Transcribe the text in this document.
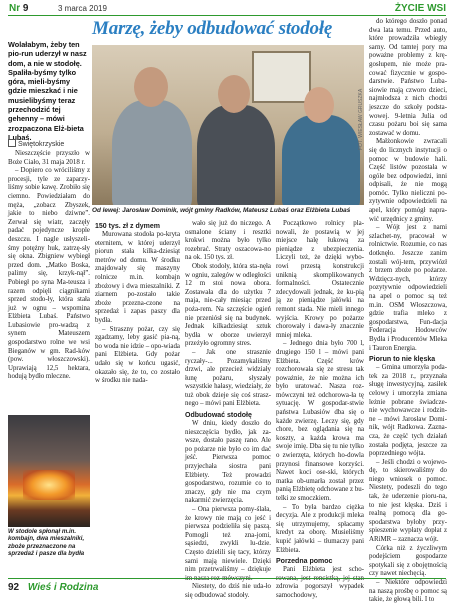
Nr 9	3 marca 2019	ŻYCIE WSI
Marzę, żeby odbudować stodołę
Wolałabym, żeby ten pio-run uderzył w nasz dom, a nie w stodołę. Spaliła-byśmy tylko góra, mieli-byśmy gdzie mieszkać i nie musielibyśmy teraz przechodzić tej gehenny – mówi zrozpaczona Elż-bieta Lubaś.
Świętokrzyskie

Nieszczęście przyszło w Boże Ciało, 31 maja 2018 r.

– Dopiero co wróciliśmy z procesji, tyle ze zaparzy-liśmy sobie kawę. Zrobiło się ciemno. Powiedziałam do męża, „zobacz Zbyszek, jakie to niebo dziwne”. Zerwał się wiatr, zaczęły padać pojedyncze krople deszczu. I nagle usłyszeli-śmy potężny huk, zatrzę-sły się okna. Zbigniew wybiegł przed dom. „Matko Boska, palimy się, krzyk-nął”. Pobiegł po syna Ma-teusza i razem odpięli ciągnikami sprzed stodo-ły, która stała już w ognu – wspomina Elżbieta Lubaś. Państwo Lubasiowie pro-wadzą z synem Mateuszem gospodarstwo rolne we wsi Bieganów w gm. Rad-ków (pow. włoszczowski). Uprawiają 12,5 hektara, hodują bydło mleczne.

FOT. WIESŁAW GRUSZKA
Od lewej: Jarosław Dominik, wójt gminy Radków, Mateusz Lubaś oraz Elżbieta Lubaś
150 tys. zł z dymem

Murowana stodoła po-kryta eternitem, w której uderzył piorun stała kilka-dziesiąt metrów od domu. W środku znajdowały się maszyny rolnicze m.in. kombajn zbożowy i dwa mieszalniki. Z ziarnem po-zostało takie zboże przezna-czone na sprzedaż i zapas paszy dla bydła.

– Straszny pożar, czy się zgadzamy, leby gasić pia-ną, bo woda nie idzie – opo-wiada pani Elżbieta. Gdy pożar udało się w końcu ugasić, okazało się, że to, co zostało w środku nie nada-

wało się już do niczego. A osmalone ściany i resztki krokwi można było tylko rozebrać. Straty oszacowa-no na ok. 150 tys. zł.

Obok stodoły, która sta-nęła w ogniu, zalegów w odległości 12 m stoi nowa obora. Zostawała dla do użytku 7 maja, nie-cały miesiąc przed poża-rem. Na szczęście ogień nie przeniósł się na budynek. Jednak kilkadziesiąt sztuk bydła w oborze uwierzył przeżyło ogromny stres.

– Jak one strasznie ryczały-... Pozamykaliśmy drzwi, ale przecież widziały łunę pożaru, słyszały wszystkie hałasy, wiedziały, że tuż obok dzieje się coś strasz-nego – mówi pani Elżbieta.

Odbudować stodołę

W dniu, kiedy doszło do nieszczęścia bydło, jak za-wsze, dostało paszę rano. Ale po pożarze nie było co im dać jeść. Pierwsza pomoc przyjechała siostra pani Elżbiety. Też prowadzi gospodarstwo, rozumie co to znaczy, gdy nie ma czym nakarmić zwierzęcia.

– Ona pierwsza pomy-ślała, że krowy nie mają co jeść i pierwsza podzieliła się paszą. Pomogli też zna-jomi, sąsiedzi, zwykli lu-dzie. Często dzielili się tacy, którzy sami mają niewiele. Dzięki nim przetrwaliśmy – dziękuje

Niestety, do dziś nie uda-ło się odbudować stodoły.

Początkowo rolnicy pla-nowali, że postawią w jej miejsce halę łukową za pieniądze z ubezpieczenia. Liczyli też, że dzięki wybo-rowi przestą konstrukcji uniknią skomplikowanych formalności. Ostatecznie zdecydowali jednak, że ku-pią ją ze pieniądze jałówki na remont stada. Nie mieli innego wyjścia. Krowy po pożarze chorowały i dawa-ły znacznie mniej mleka.

– Jednego dnia było 700 l, drugiego 150 l – mówi pani Elżbieta. Część krów rozchorowała się ze stresu tak poważnie, że nie można ich było uratować. Nasza roz-mówczyni też odchorowa-ła tę sytuację. W gospodar-stwie państwa Lubasiów dba się o każde zwierzę. Leczy się, gdy chore, bez oglądania się na koszty, a każda krowa ma swoje imię. Dba się tu nie tylko o zwierzęta, których ho-dowla przynosi finansowe korzyści. Nawet koci ose-ski, których matka ob-umarła został przez panią Elżbietę odchowane z bu-telki ze smoczkiem.

– To była bardzo ciężka decyzja. Ale z produkcji mleka się utrzymujemy, spłacamy kredyt za oborę. Musieliśmy kupić jałówki – tłumaczy pani Elżbieta.

Porzedna pomoc

Pani Elżbieta jest scho- zdrowia pogorszył wypadek samochodowy,

do którego doszło ponad dwa lata temu. Przed auto, które prowadziła wbiegły sarny. Od tamtej pory ma poważne problemy z krę-gosłupem, nie może pra-cować fizycznie w gospo-darstwie. Państwo Luba-siowie mają czworo dzieci, najmłodsza z nich chodzi jeszcze do szkoły podsta-wowej. 9-letnia Julia od czasu pożaru boi się sama zostawać w domu.

Małżonkowie zwracali się do licznych instytucji o pomoc w budowie hali. Część listów pozostała w ogóle bez odpowiedzi, inni odpisali, że nie mogą pomóc. Tylko nieliczni po-zytywnie odpowiedzieli na apel, który pomógł napra-wić urzędnicy z gminy.

– Wójt jest z nami szlachet-ny, pracował w rolnictwie. Rozumie, co nas dotknęło. Jeszcze zanim zostali wój-tem, przywiózł z brzem zboże po pożarze. Wdzięcz-nych, którzy pozytywnie odpowiedzieli na apel o pomoc są też m.in. OSM Włoszczowa, gdzie trafia mleko z gospodarstwa, Fun-dacja Federacja Hodowców Bydła i Producentów Mleka i Tauron Energia.

Piorun to nie klęska

– Gmina umorzyła poda-tek za 2018 r., przyznała sługę inwestycyjną, zasiłek celowy i umorzyła zmiana leżnie pobrane świadcze-nie wychowawcze i rodzin-ne – mówi Jarosław Domi-nik, wójt Radkowa. Zazna-cza, że część tych działań została podjęta, jeszcze za poprzedniego wójta.

– Jeśli chodzi o wojewo-dę, to skierowaliśmy do niego wniosek o pomoc. Niestety, podeszli do tego tak, że uderzenie pioru-na, to nie jest klęska. Dziś i realną pomocą dla go-spodarstwa byłoby przy-spieszenie wypłaty dopłat z ARiMR – zaznacza wójt.

Córka niż z życzliwym podejściem gospodarze spotykali się z obojętnością czy nawet niechęcią.

– Niektóre odpowiedzi na naszą prośbę o pomoc są takie, że głową bili. I to

W stodole spłonął m.in. kombajn, dwa mieszalniki, zboże przeznaczone na sprzedaż i pasze dla bydła
92 Wieś i Rodzina
